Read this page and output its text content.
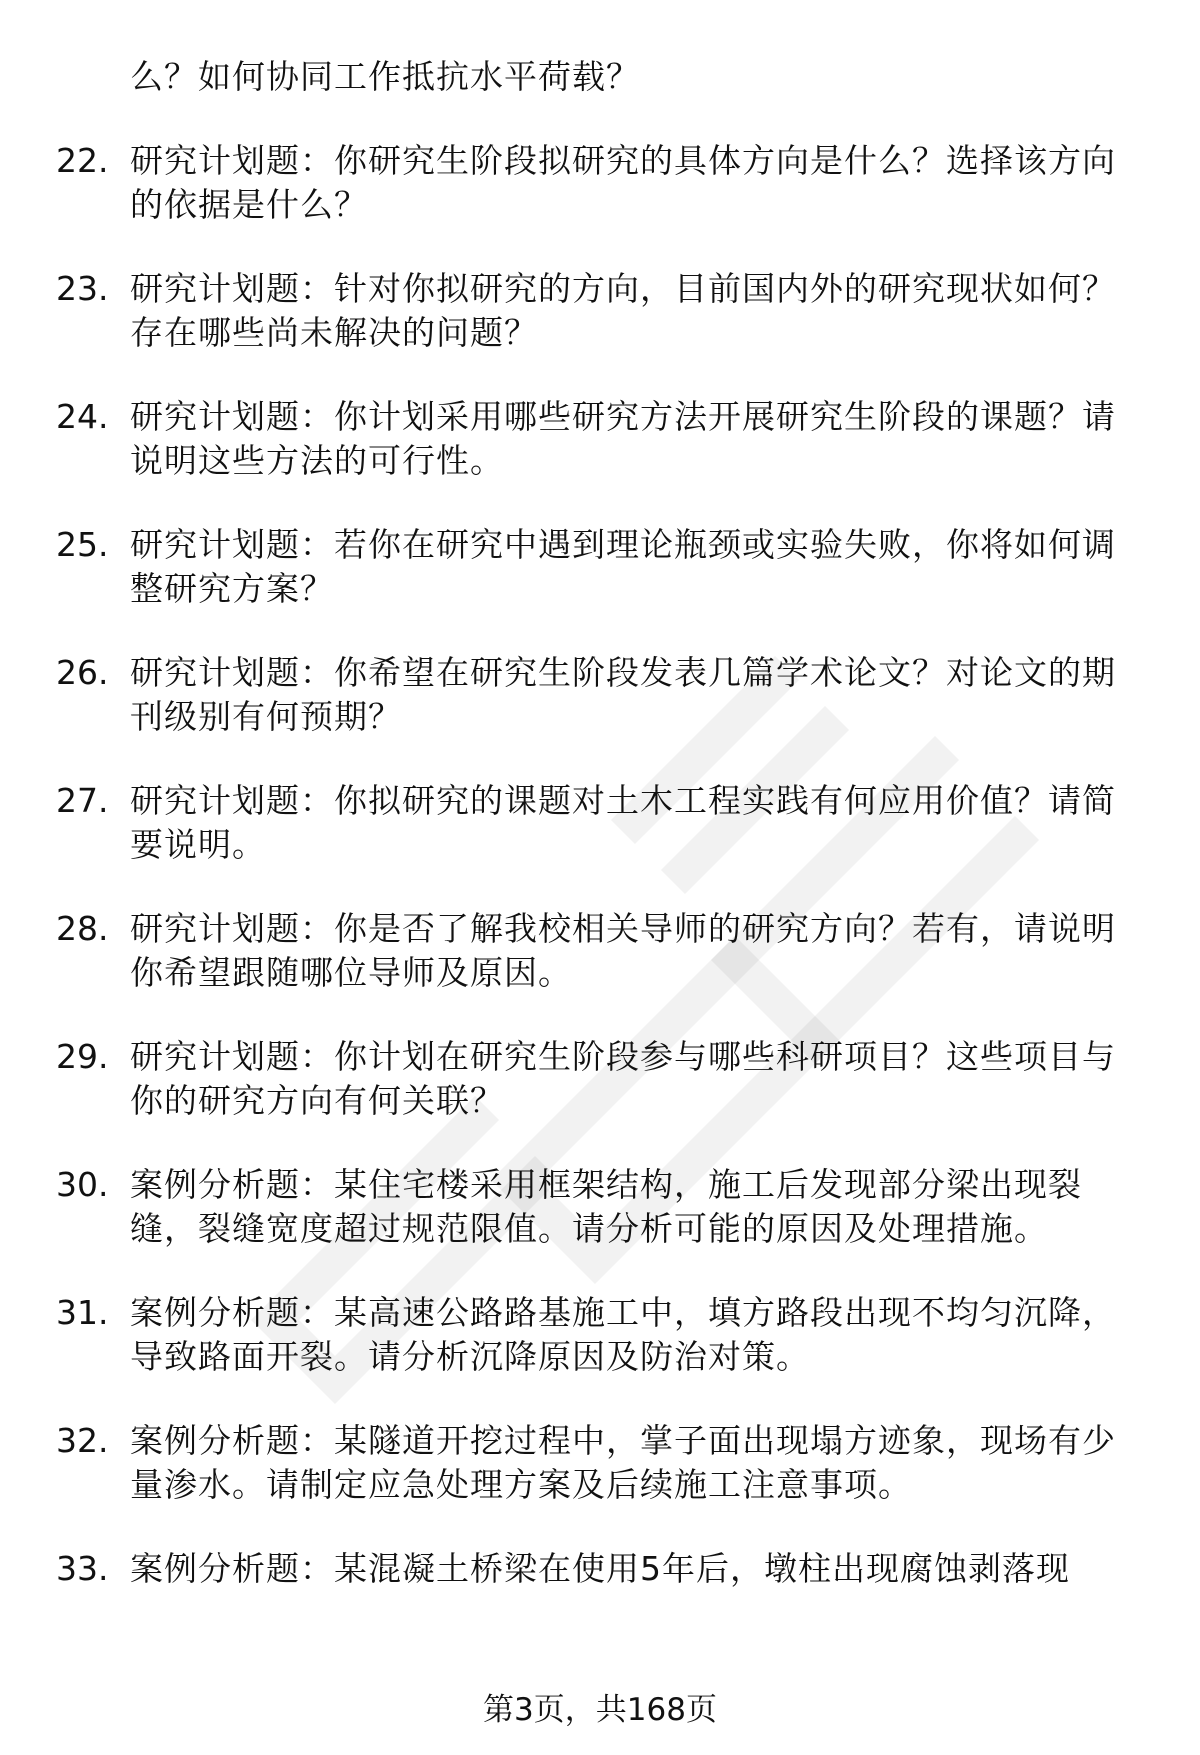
么？如何协同工作抵抗水平荷载？
22. 研究计划题：你研究生阶段拟研究的具体方向是什么？选择该方向的依据是什么？
23. 研究计划题：针对你拟研究的方向，目前国内外的研究现状如何？存在哪些尚未解决的问题？
24. 研究计划题：你计划采用哪些研究方法开展研究生阶段的课题？请说明这些方法的可行性。
25. 研究计划题：若你在研究中遇到理论瓶颈或实验失败，你将如何调整研究方案？
26. 研究计划题：你希望在研究生阶段发表几篇学术论文？对论文的期刊级别有何预期？
27. 研究计划题：你拟研究的课题对土木工程实践有何应用价值？请简要说明。
28. 研究计划题：你是否了解我校相关导师的研究方向？若有，请说明你希望跟随哪位导师及原因。
29. 研究计划题：你计划在研究生阶段参与哪些科研项目？这些项目与你的研究方向有何关联？
30. 案例分析题：某住宅楼采用框架结构，施工后发现部分梁出现裂缝，裂缝宽度超过规范限值。请分析可能的原因及处理措施。
31. 案例分析题：某高速公路路基施工中，填方路段出现不均匀沉降，导致路面开裂。请分析沉降原因及防治对策。
32. 案例分析题：某隧道开挖过程中，掌子面出现塌方迹象，现场有少量渗水。请制定应急处理方案及后续施工注意事项。
33. 案例分析题：某混凝土桥梁在使用5年后，墩柱出现腐蚀剥落现
第3页，共168页
